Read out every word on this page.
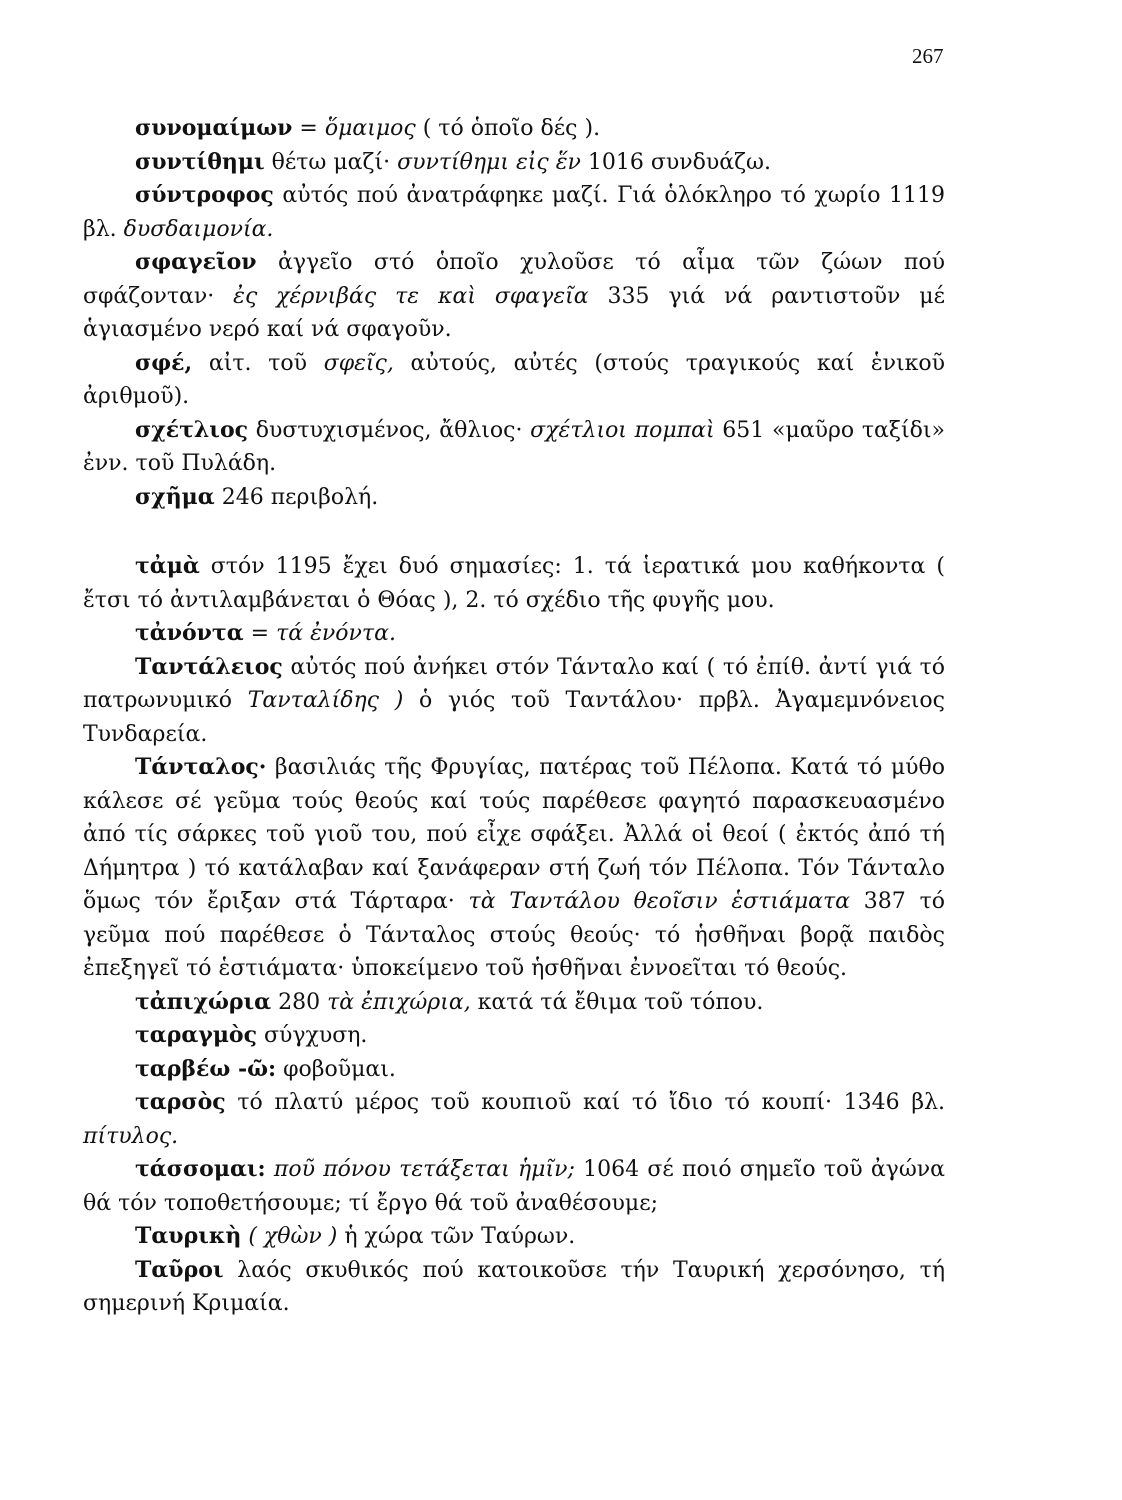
267

συνομαίμων = ὅμαιμος ( τό ὁποῖο δές ).

συντίθημι θέτω μαζί· συντίθημι εἰς ἕν 1016 συνδυάζω.

σύντροφος αὐτός πού ἀνατράφηκε μαζί. Γιά ὁλόκληρο τό χωρίο 1119 βλ. δυσδαιμονία.

σφαγεῖον ἀγγεῖο στό ὁποῖο χυλοῦσε τό αἷμα τῶν ζώων πού σφάζονταν· ἐς χέρνιβάς τε καὶ σφαγεῖα 335 γιά νά ραντιστοῦν μέ ἁγιασμένο νερό καί νά σφαγοῦν.

σφέ, αἰτ. τοῦ σφεῖς, αὐτούς, αὐτές (στούς τραγικούς καί ἑνικοῦ ἀριθμοῦ).

σχέτλιος δυστυχισμένος, ἄθλιος· σχέτλιοι πομπαὶ 651 «μαῦρο ταξίδι» ἐνν. τοῦ Πυλάδη.

σχῆμα 246 περιβολή.

τἀμὰ στόν 1195 ἔχει δυό σημασίες: 1. τά ἱερατικά μου καθήκοντα ( ἔτσι τό ἀντιλαμβάνεται ὁ Θόας ), 2. τό σχέδιο τῆς φυγῆς μου.

τἀνόντα = τά ἐνόντα.

Ταντάλειος αὐτός πού ἀνήκει στόν Τάνταλο καί ( τό ἐπίθ. ἀντί γιά τό πατρωνυμικό Τανταλίδης ) ὁ γιός τοῦ Ταντάλου· πρβλ. Ἀγαμεμνόνειος Τυνδαρεία.

Τάνταλος· βασιλιάς τῆς Φρυγίας, πατέρας τοῦ Πέλοπα. Κατά τό μύθο κάλεσε σέ γεῦμα τούς θεούς καί τούς παρέθεσε φαγητό παρασκευασμένο ἀπό τίς σάρκες τοῦ γιοῦ του, πού εἶχε σφάξει. Ἀλλά οἱ θεοί ( ἐκτός ἀπό τή Δήμητρα ) τό κατάλαβαν καί ξανάφεραν στή ζωή τόν Πέλοπα. Τόν Τάνταλο ὅμως τόν ἔριξαν στά Τάρταρα· τὰ Ταντάλου θεοῖσιν ἑστιάματα 387 τό γεῦμα πού παρέθεσε ὁ Τάνταλος στούς θεούς· τό ἡσθῆναι βορᾷ παιδὸς ἐπεξηγεῖ τό ἑστιάματα· ὑποκείμενο τοῦ ἡσθῆναι ἐννοεῖται τό θεούς.

τἀπιχώρια 280 τὰ ἐπιχώρια, κατά τά ἔθιμα τοῦ τόπου.

ταραγμὸς σύγχυση.

ταρβέω -ῶ: φοβοῦμαι.

ταρσὸς τό πλατύ μέρος τοῦ κουπιοῦ καί τό ἴδιο τό κουπί· 1346 βλ. πίτυλος.

τάσσομαι: ποῦ πόνου τετάξεται ἡμῖν; 1064 σέ ποιό σημεῖο τοῦ ἀγώνα θά τόν τοποθετήσουμε; τί ἔργο θά τοῦ ἀναθέσουμε;

Ταυρικὴ ( χθὼν ) ἡ χώρα τῶν Ταύρων.

Ταῦροι λαός σκυθικός πού κατοικοῦσε τήν Ταυρική χερσόνησο, τή σημερινή Κριμαία.
